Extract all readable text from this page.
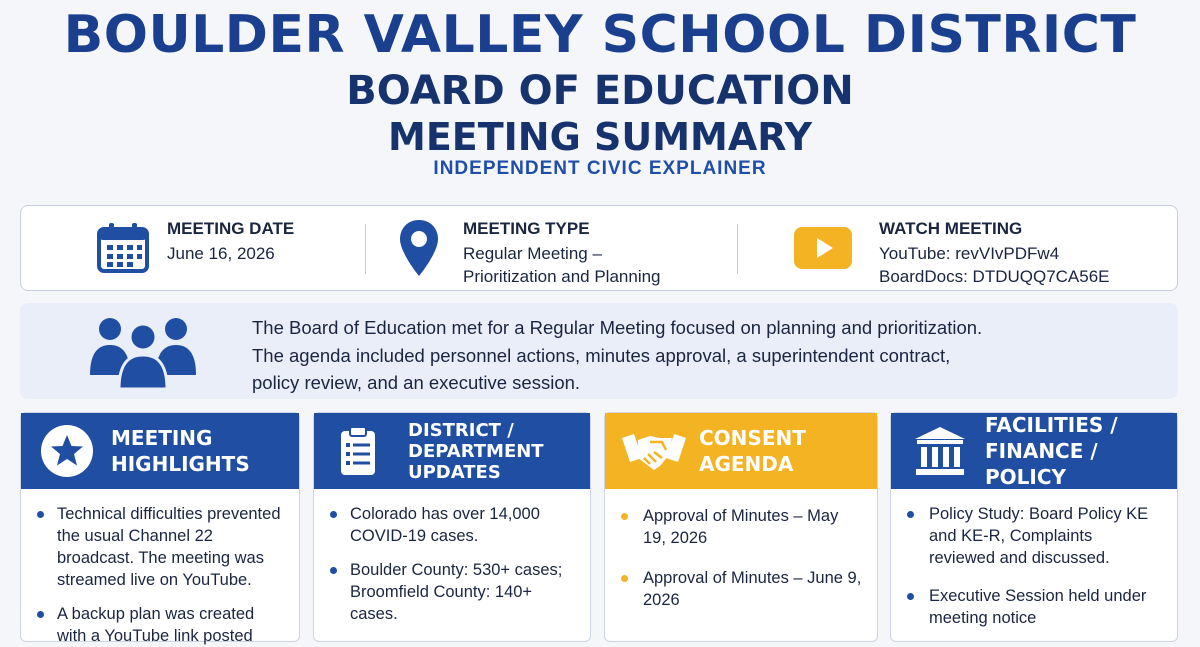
BOULDER VALLEY SCHOOL DISTRICT
BOARD OF EDUCATION
MEETING SUMMARY
INDEPENDENT CIVIC EXPLAINER
MEETING DATE
June 16, 2026
MEETING TYPE
Regular Meeting –
Prioritization and Planning
WATCH MEETING
YouTube: revVIvPDFw4
BoardDocs: DTDUQQ7CA56E

The Board of Education met for a Regular Meeting focused on planning and prioritization.
The agenda included personnel actions, minutes approval, a superintendent contract,
policy review, and an executive session.

MEETING
HIGHLIGHTS
Technical difficulties prevented the usual Channel 22 broadcast. The meeting was streamed live on YouTube.
A backup plan was created with a YouTube link posted
DISTRICT /
DEPARTMENT
UPDATES
Colorado has over 14,000 COVID-19 cases.
Boulder County: 530+ cases; Broomfield County: 140+ cases.
CONSENT
AGENDA
Approval of Minutes – May 19, 2026
Approval of Minutes – June 9, 2026
FACILITIES /
FINANCE / POLICY
Policy Study: Board Policy KE and KE-R, Complaints reviewed and discussed.
Executive Session held under meeting notice
